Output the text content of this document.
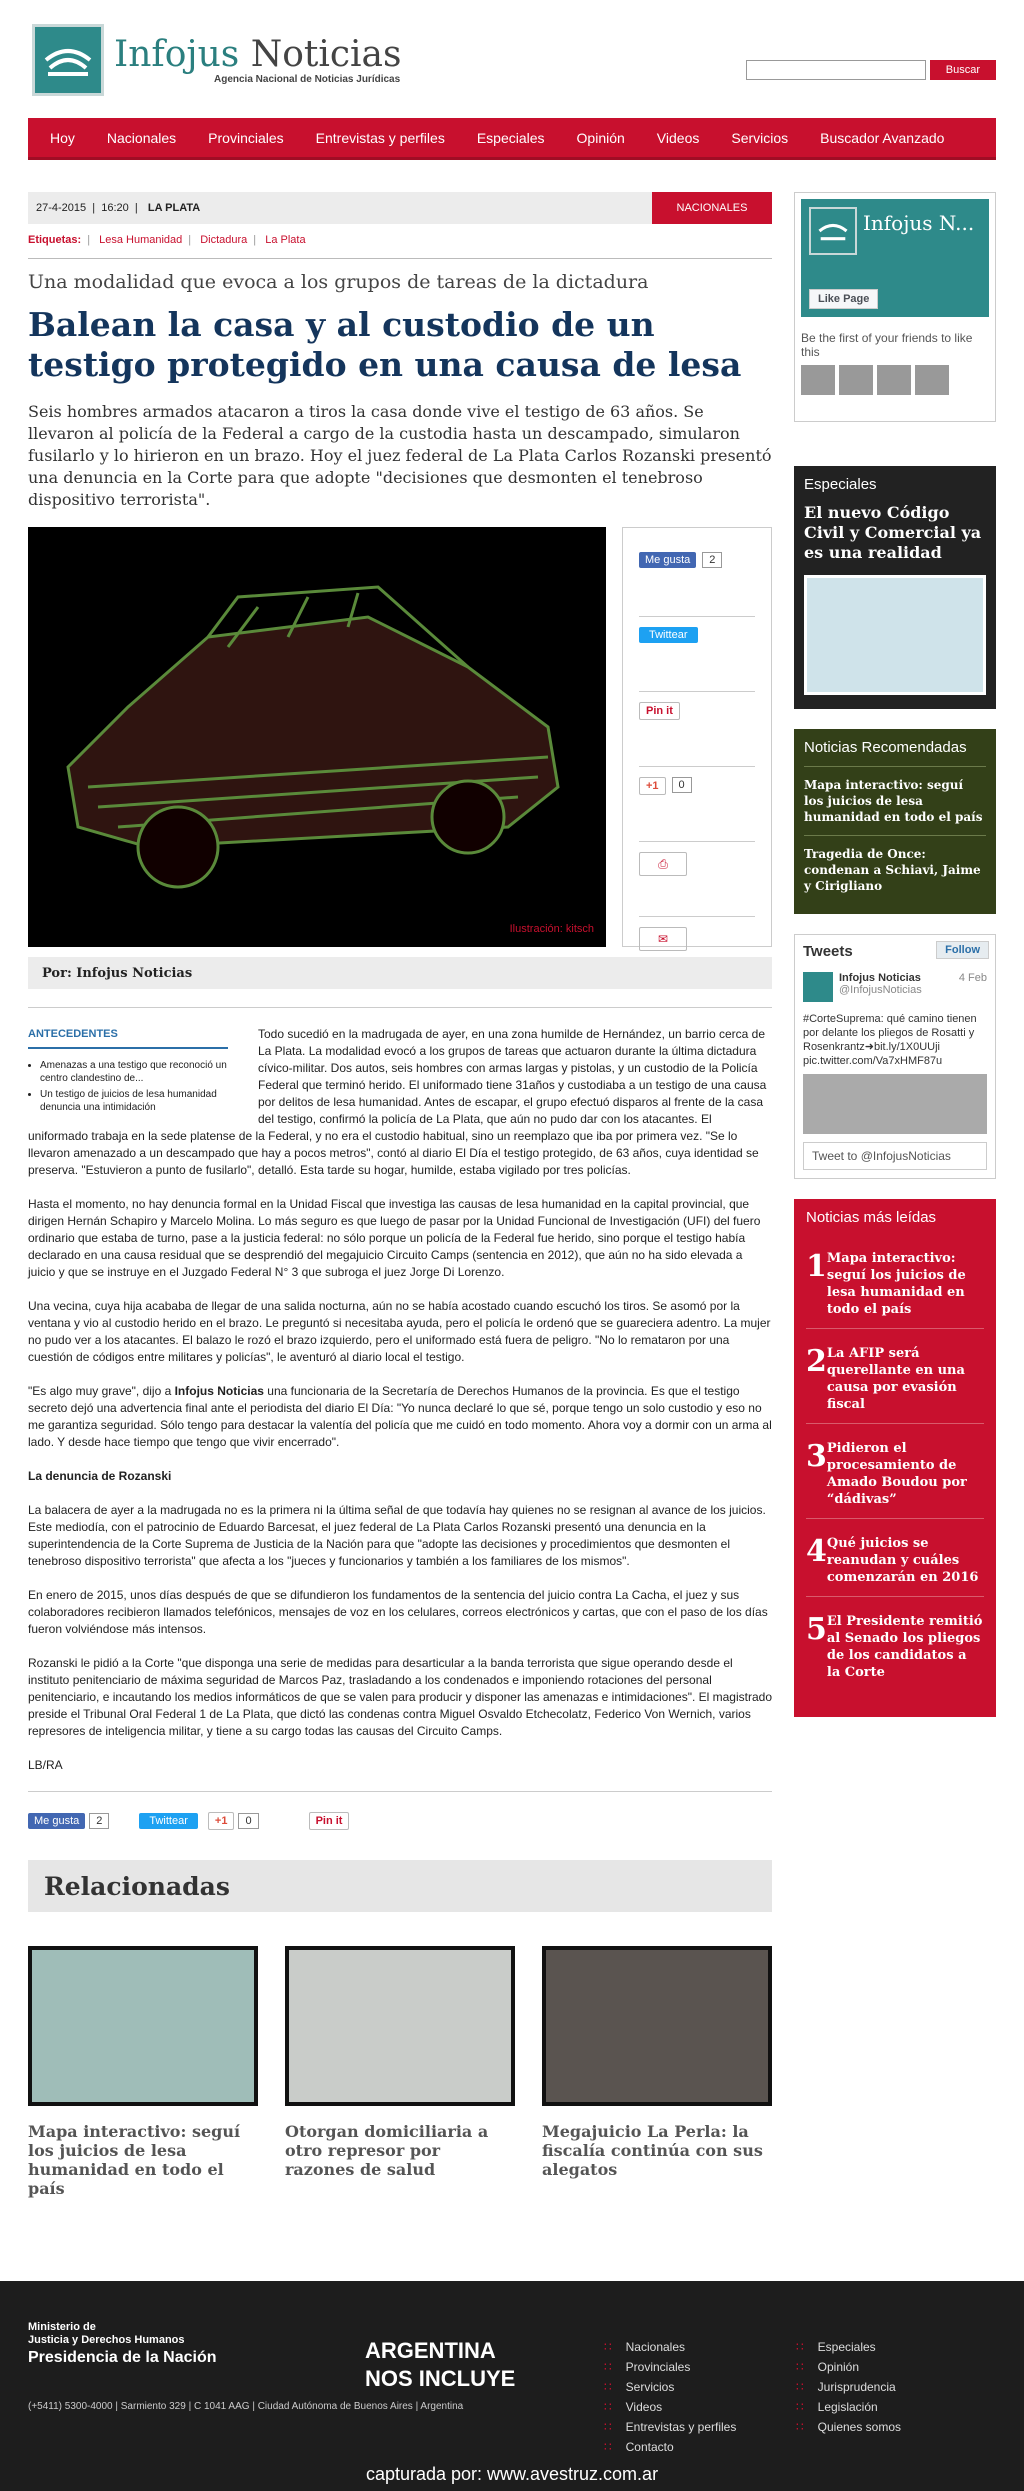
Infojus Noticias
Agencia Nacional de Noticias Jurídicas
Buscar
Hoy	Nacionales	Provinciales	Entrevistas y perfiles	Especiales	Opinión	Videos	Servicios	Buscador Avanzado
27-4-2015  |  16:20  |  LA PLATA	NACIONALES
Etiquetas: | Lesa Humanidad | Dictadura | La Plata
Una modalidad que evoca a los grupos de tareas de la dictadura
Balean la casa y al custodio de un testigo protegido en una causa de lesa
Seis hombres armados atacaron a tiros la casa donde vive el testigo de 63 años. Se llevaron al policía de la Federal a cargo de la custodia hasta un descampado, simularon fusilarlo y lo hirieron en un brazo. Hoy el juez federal de La Plata Carlos Rozanski presentó una denuncia en la Corte para que adopte "decisiones que desmonten el tenebroso dispositivo terrorista".
Ilustración: kitsch
Me gusta	2
Twittear
Pin it
+1	0
⎙
✉
Por: Infojus Noticias
ANTECEDENTES
• Amenazas a una testigo que reconoció un centro clandestino de...
• Un testigo de juicios de lesa humanidad denuncia una intimidación

Todo sucedió en la madrugada de ayer, en una zona humilde de Hernández, un barrio cerca de La Plata. La modalidad evocó a los grupos de tareas que actuaron durante la última dictadura cívico-militar. Dos autos, seis hombres con armas largas y pistolas, y un custodio de la Policía Federal que terminó herido. El uniformado tiene 31años y custodiaba a un testigo de una causa por delitos de lesa humanidad. Antes de escapar, el grupo efectuó disparos al frente de la casa del testigo, confirmó la policía de La Plata, que aún no pudo dar con los atacantes. El uniformado trabaja en la sede platense de la Federal, y no era el custodio habitual, sino un reemplazo que iba por primera vez. "Se lo llevaron amenazado a un descampado que hay a pocos metros", contó al diario El Día el testigo protegido, de 63 años, cuya identidad se preserva. "Estuvieron a punto de fusilarlo", detalló. Esta tarde su hogar, humilde, estaba vigilado por tres policías.

Hasta el momento, no hay denuncia formal en la Unidad Fiscal que investiga las causas de lesa humanidad en la capital provincial, que dirigen Hernán Schapiro y Marcelo Molina. Lo más seguro es que luego de pasar por la Unidad Funcional de Investigación (UFI) del fuero ordinario que estaba de turno, pase a la justicia federal: no sólo porque un policía de la Federal fue herido, sino porque el testigo había declarado en una causa residual que se desprendió del megajuicio Circuito Camps (sentencia en 2012), que aún no ha sido elevada a juicio y que se instruye en el Juzgado Federal N° 3 que subroga el juez Jorge Di Lorenzo.

Una vecina, cuya hija acababa de llegar de una salida nocturna, aún no se había acostado cuando escuchó los tiros. Se asomó por la ventana y vio al custodio herido en el brazo. Le preguntó si necesitaba ayuda, pero el policía le ordenó que se guareciera adentro. La mujer no pudo ver a los atacantes. El balazo le rozó el brazo izquierdo, pero el uniformado está fuera de peligro. "No lo remataron por una cuestión de códigos entre militares y policías", le aventuró al diario local el testigo.

"Es algo muy grave", dijo a Infojus Noticias una funcionaria de la Secretaría de Derechos Humanos de la provincia. Es que el testigo secreto dejó una advertencia final ante el periodista del diario El Día: "Yo nunca declaré lo que sé, porque tengo un solo custodio y eso no me garantiza seguridad. Sólo tengo para destacar la valentía del policía que me cuidó en todo momento. Ahora voy a dormir con un arma al lado. Y desde hace tiempo que tengo que vivir encerrado".

La denuncia de Rozanski

La balacera de ayer a la madrugada no es la primera ni la última señal de que todavía hay quienes no se resignan al avance de los juicios. Este mediodía, con el patrocinio de Eduardo Barcesat, el juez federal de La Plata Carlos Rozanski presentó una denuncia en la superintendencia de la Corte Suprema de Justicia de la Nación para que "adopte las decisiones y procedimientos que desmonten el tenebroso dispositivo terrorista" que afecta a los "jueces y funcionarios y también a los familiares de los mismos".

En enero de 2015, unos días después de que se difundieron los fundamentos de la sentencia del juicio contra La Cacha, el juez y sus colaboradores recibieron llamados telefónicos, mensajes de voz en los celulares, correos electrónicos y cartas, que con el paso de los días fueron volviéndose más intensos.

Rozanski le pidió a la Corte "que disponga una serie de medidas para desarticular a la banda terrorista que sigue operando desde el instituto penitenciario de máxima seguridad de Marcos Paz, trasladando a los condenados e imponiendo rotaciones del personal penitenciario, e incautando los medios informáticos de que se valen para producir y disponer las amenazas e intimidaciones". El magistrado preside el Tribunal Oral Federal 1 de La Plata, que dictó las condenas contra Miguel Osvaldo Etchecolatz, Federico Von Wernich, varios represores de inteligencia militar, y tiene a su cargo todas las causas del Circuito Camps.

LB/RA

Me gusta	2	Twittear	+1	0	Pin it
Relacionadas
Mapa interactivo: seguí los juicios de lesa humanidad en todo el país
Otorgan domiciliaria a otro represor por razones de salud
Megajuicio La Perla: la fiscalía continúa con sus alegatos
Infojus N...
Like Page
Be the first of your friends to like this
Especiales
El nuevo Código Civil y Comercial ya es una realidad
Noticias Recomendadas
Mapa interactivo: seguí los juicios de lesa humanidad en todo el país
Tragedia de Once: condenan a Schiavi, Jaime y Cirigliano
Tweets	Follow
Infojus Noticias	4 Feb

@InfojusNoticias
#CorteSuprema: qué camino tienen por delante los pliegos de Rosatti y Rosenkrantz➜bit.ly/1X0UUji pic.twitter.com/Va7xHMF87u
Tweet to @InfojusNoticias
Noticias más leídas
1 Mapa interactivo: seguí los juicios de lesa humanidad en todo el país
2 La AFIP será querellante en una causa por evasión fiscal
3 Pidieron el procesamiento de Amado Boudou por “dádivas”
4 Qué juicios se reanudan y cuáles comenzarán en 2016
5 El Presidente remitió al Senado los pliegos de los candidatos a la Corte
Ministerio de
Justicia y Derechos Humanos
Presidencia de la Nación
(+5411) 5300-4000 | Sarmiento 329 | C 1041 AAG | Ciudad Autónoma de Buenos Aires | Argentina
ARGENTINA
NOS INCLUYE
∷ Nacionales
∷ Provinciales
∷ Servicios
∷ Videos
∷ Entrevistas y perfiles
∷ Contacto
∷ Especiales
∷ Opinión
∷ Jurisprudencia
∷ Legislación
∷ Quienes somos
capturada por: www.avestruz.com.ar
